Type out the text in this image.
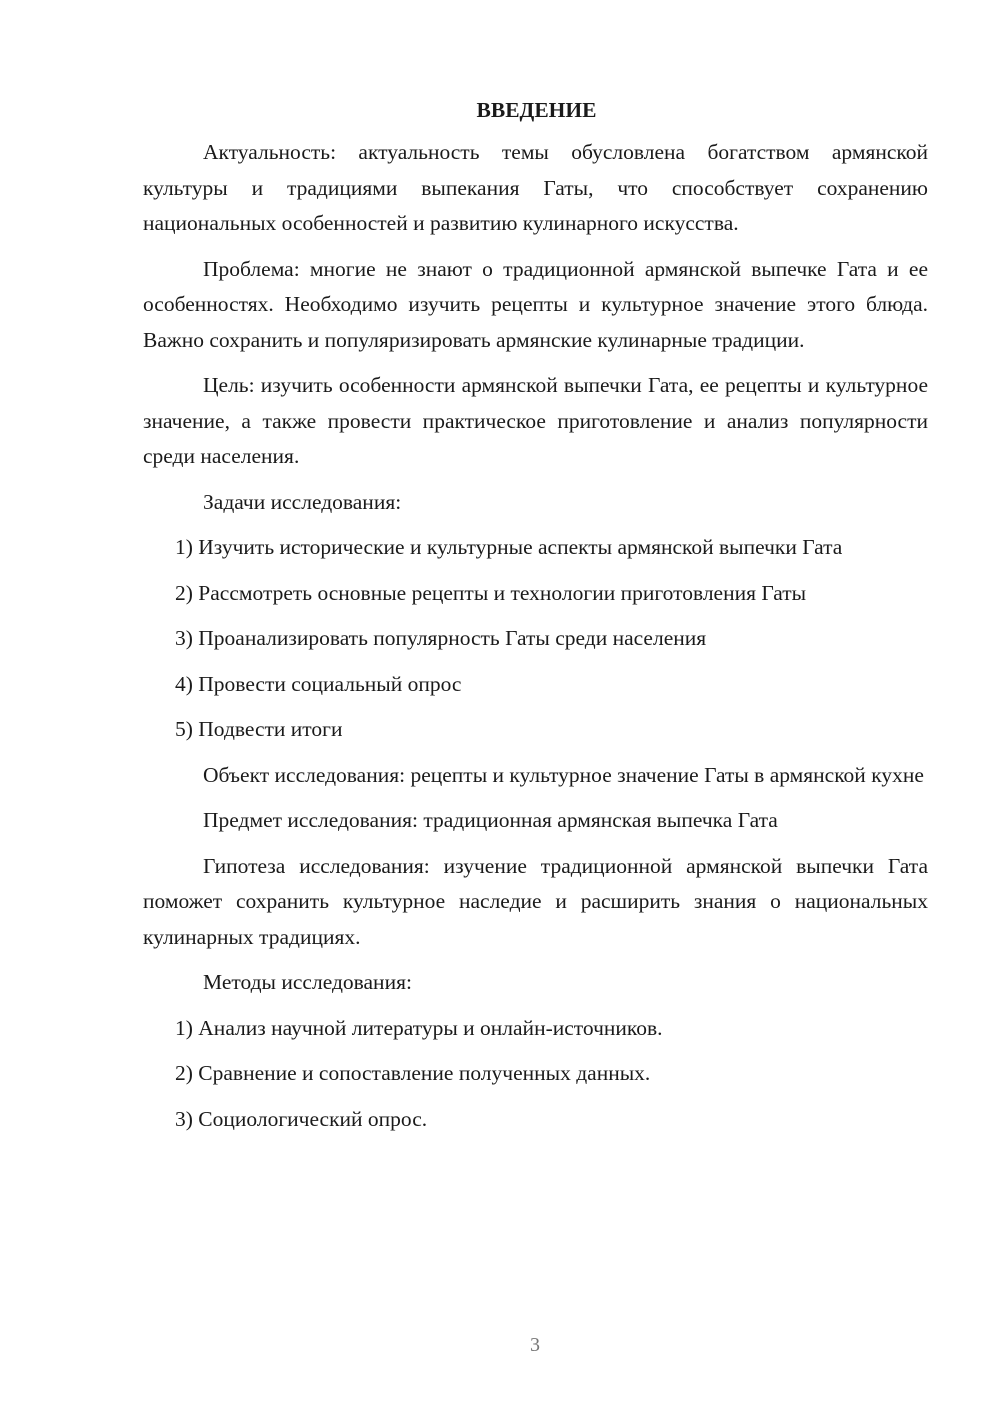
ВВЕДЕНИЕ

Актуальность: актуальность темы обусловлена богатством армянской культуры и традициями выпекания Гаты, что способствует сохранению национальных особенностей и развитию кулинарного искусства.

Проблема: многие не знают о традиционной армянской выпечке Гата и ее особенностях. Необходимо изучить рецепты и культурное значение этого блюда. Важно сохранить и популяризировать армянские кулинарные традиции.

Цель: изучить особенности армянской выпечки Гата, ее рецепты и культурное значение, а также провести практическое приготовление и анализ популярности среди населения.

Задачи исследования:

1) Изучить исторические и культурные аспекты армянской выпечки Гата

2) Рассмотреть основные рецепты и технологии приготовления Гаты

3) Проанализировать популярность Гаты среди населения

4) Провести социальный опрос

5) Подвести итоги

Объект исследования: рецепты и культурное значение Гаты в армянской кухне

Предмет исследования: традиционная армянская выпечка Гата

Гипотеза исследования: изучение традиционной армянской выпечки Гата поможет сохранить культурное наследие и расширить знания о национальных кулинарных традициях.

Методы исследования:

1) Анализ научной литературы и онлайн-источников.

2) Сравнение и сопоставление полученных данных.

3) Социологический опрос.

3
